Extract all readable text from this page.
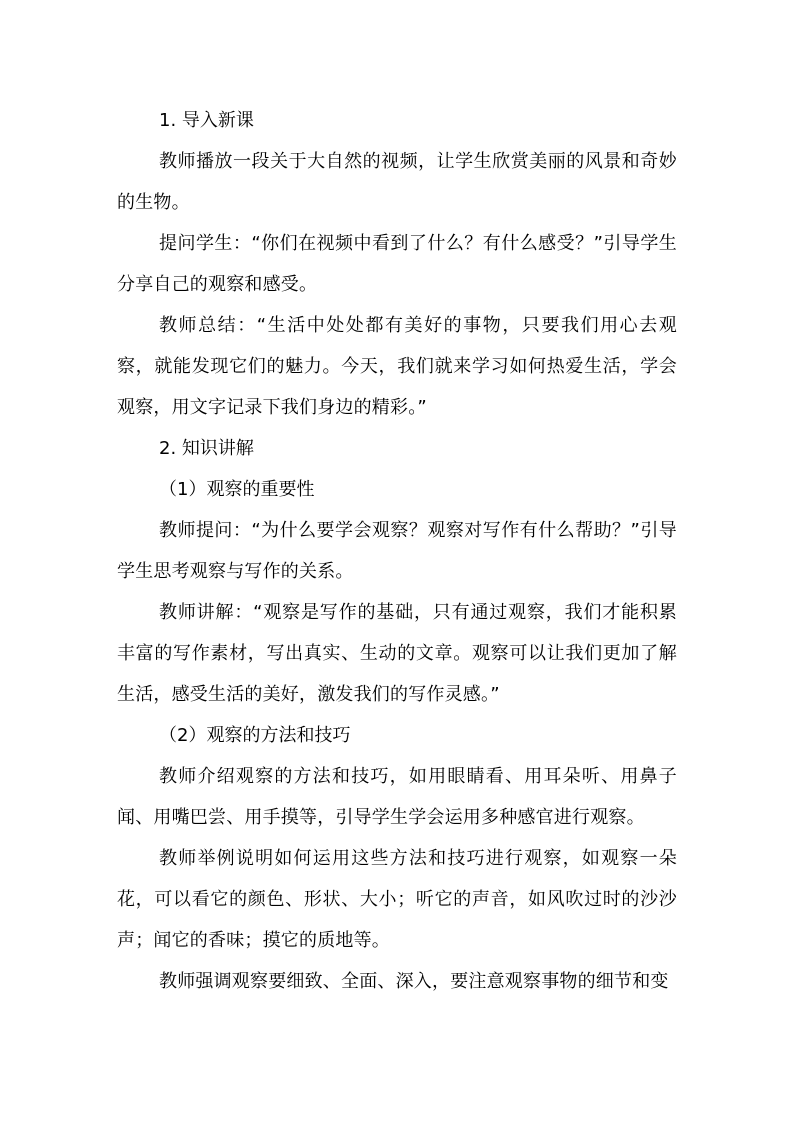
1. 导入新课

教师播放一段关于大自然的视频，让学生欣赏美丽的风景和奇妙的生物。

提问学生：“你们在视频中看到了什么？有什么感受？”引导学生分享自己的观察和感受。

教师总结：“生活中处处都有美好的事物，只要我们用心去观察，就能发现它们的魅力。今天，我们就来学习如何热爱生活，学会观察，用文字记录下我们身边的精彩。”

2. 知识讲解

（1）观察的重要性

教师提问：“为什么要学会观察？观察对写作有什么帮助？”引导学生思考观察与写作的关系。

教师讲解：“观察是写作的基础，只有通过观察，我们才能积累丰富的写作素材，写出真实、生动的文章。观察可以让我们更加了解生活，感受生活的美好，激发我们的写作灵感。”

（2）观察的方法和技巧

教师介绍观察的方法和技巧，如用眼睛看、用耳朵听、用鼻子闻、用嘴巴尝、用手摸等，引导学生学会运用多种感官进行观察。

教师举例说明如何运用这些方法和技巧进行观察，如观察一朵花，可以看它的颜色、形状、大小；听它的声音，如风吹过时的沙沙声；闻它的香味；摸它的质地等。

教师强调观察要细致、全面、深入，要注意观察事物的细节和变
